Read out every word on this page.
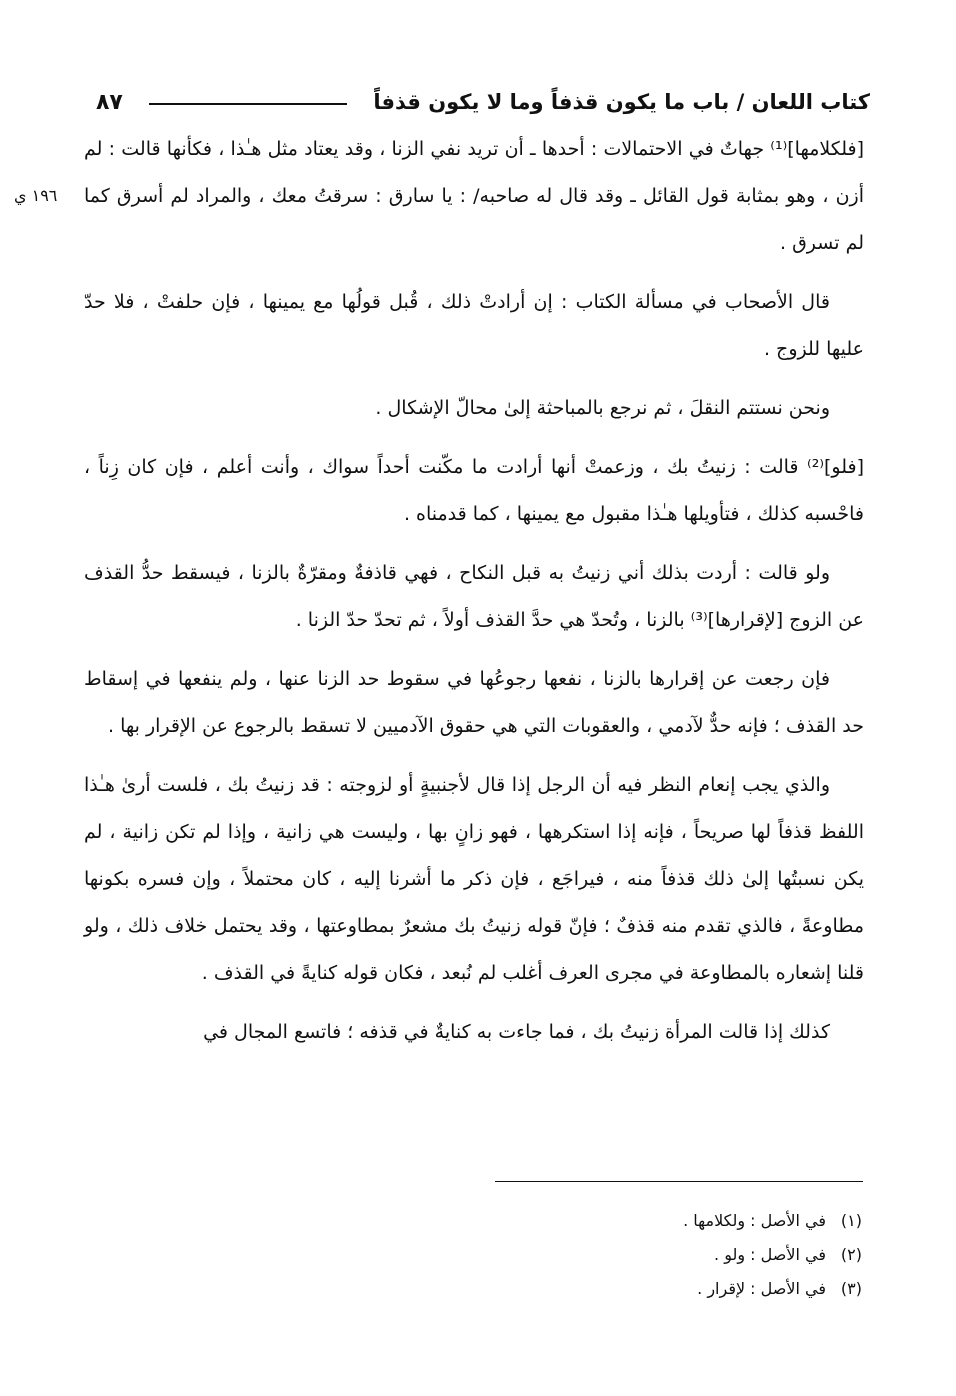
كتاب اللعان / باب ما يكون قذفاً وما لا يكون قذفاً
٨٧
١٩٦ ي

[فلكلامها]⁽¹⁾ جهاتٌ في الاحتمالات : أحدها ـ أن تريد نفي الزنا ، وقد يعتاد مثل هـٰذا ، فكأنها قالت : لم أزن ، وهو بمثابة قول القائل ـ وقد قال له صاحبه/ : يا سارق : سرقتُ معك ، والمراد لم أسرق كما لم تسرق .

قال الأصحاب في مسألة الكتاب : إن أرادتْ ذلك ، قُبل قولُها مع يمينها ، فإن حلفتْ ، فلا حدّ عليها للزوج .

ونحن نستتم النقلَ ، ثم نرجع بالمباحثة إلىٰ محالّ الإشكال .

[فلو]⁽²⁾ قالت : زنيتُ بك ، وزعمتْ أنها أرادت ما مكّنت أحداً سواك ، وأنت أعلم ، فإن كان زِناً ، فاحْسبه كذلك ، فتأويلها هـٰذا مقبول مع يمينها ، كما قدمناه .

ولو قالت : أردت بذلك أني زنيتُ به قبل النكاح ، فهي قاذفةٌ ومقرّةٌ بالزنا ، فيسقط حدُّ القذف عن الزوج [لإقرارها]⁽³⁾ بالزنا ، وتُحدّ هي حدَّ القذف أولاً ، ثم تحدّ حدّ الزنا .

فإن رجعت عن إقرارها بالزنا ، نفعها رجوعُها في سقوط حد الزنا عنها ، ولم ينفعها في إسقاط حد القذف ؛ فإنه حدٌّ لآدمي ، والعقوبات التي هي حقوق الآدميين لا تسقط بالرجوع عن الإقرار بها .

والذي يجب إنعام النظر فيه أن الرجل إذا قال لأجنبيةٍ أو لزوجته : قد زنيتُ بك ، فلست أرىٰ هـٰذا اللفظ قذفاً لها صريحاً ، فإنه إذا استكرهها ، فهو زانٍ بها ، وليست هي زانية ، وإذا لم تكن زانية ، لم يكن نسبتُها إلىٰ ذلك قذفاً منه ، فيراجَع ، فإن ذكر ما أشرنا إليه ، كان محتملاً ، وإن فسره بكونها مطاوعةً ، فالذي تقدم منه قذفٌ ؛ فإنّ قوله زنيتُ بك مشعرٌ بمطاوعتها ، وقد يحتمل خلاف ذلك ، ولو قلنا إشعاره بالمطاوعة في مجرى العرف أغلب لم نُبعد ، فكان قوله كنايةً في القذف .

كذلك إذا قالت المرأة زنيتُ بك ، فما جاءت به كنايةٌ في قذفه ؛ فاتسع المجال في

(١)
في الأصل : ولكلامها .
(٢)
في الأصل : ولو .
(٣)
في الأصل : لإقرار .
